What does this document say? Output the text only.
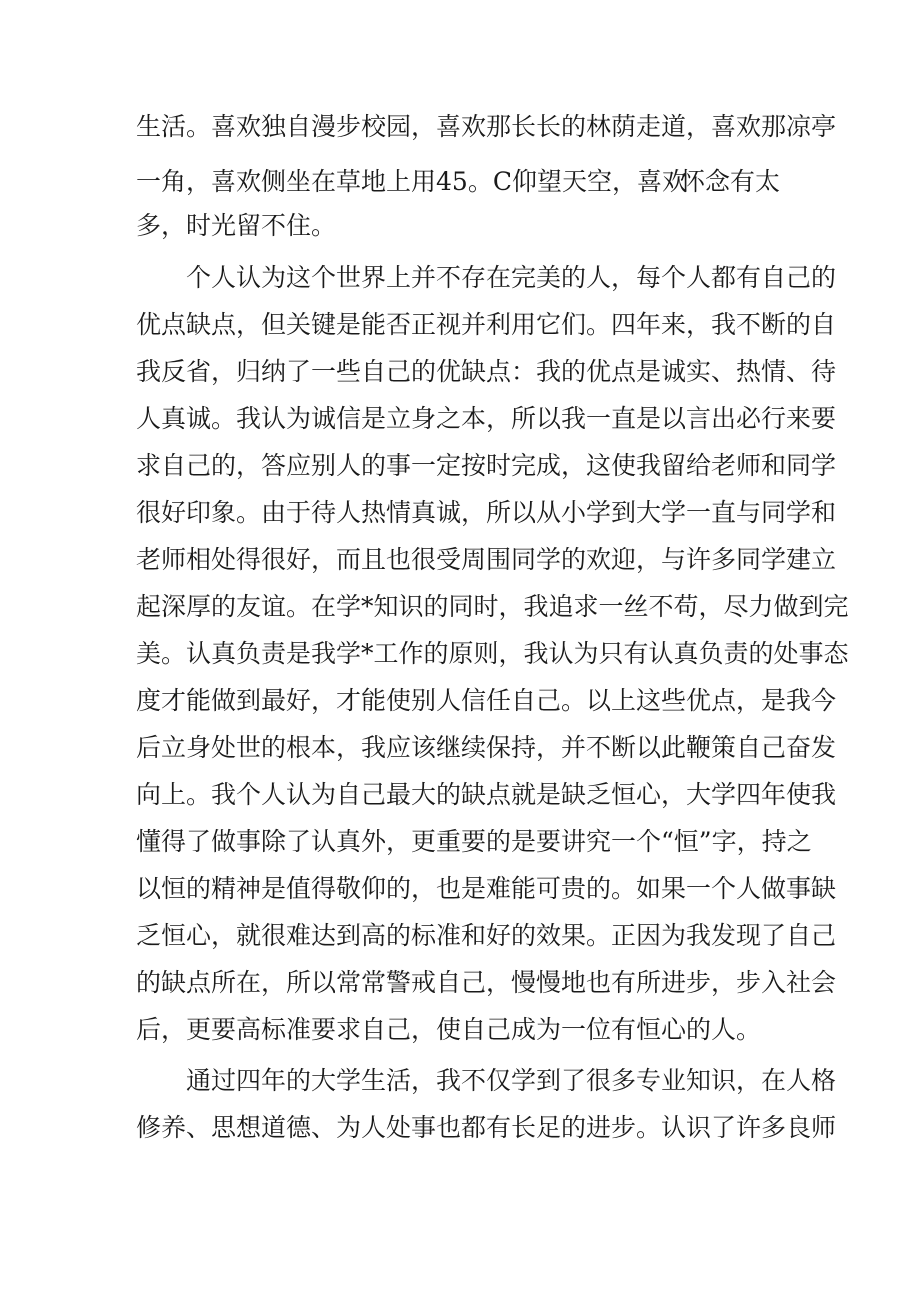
生活。喜欢独自漫步校园，喜欢那长长的林荫走道，喜欢那凉亭
一角，喜欢侧坐在草地上用45。C仰望天空，喜欢
怀念有太
多，时光留不住。
个人认为这个世界上并不存在完美的人，每个人都有自己的
优点缺点，但关键是能否正视并利用它们。四年来，我不断的自
我反省，归纳了一些自己的优缺点：我的优点是诚实、热情、待
人真诚。我认为诚信是立身之本，所以我一直是以言出必行来要
求自己的，答应别人的事一定按时完成，这使我留给老师和同学
很好印象。由于待人热情真诚，所以从小学到大学一直与同学和
老师相处得很好，而且也很受周围同学的欢迎，与许多同学建立
起深厚的友谊。在学*知识的同时，我追求一丝不苟，尽力做到完
美。认真负责是我学*工作的原则，我认为只有认真负责的处事态
度才能做到最好，才能使别人信任自己。以上这些优点，是我今
后立身处世的根本，我应该继续保持，并不断以此鞭策自己奋发
向上。我个人认为自己最大的缺点就是缺乏恒心，大学四年使我
懂得了做事除了认真外，更重要的是要讲究一个“恒”字，持之
以恒的精神是值得敬仰的，也是难能可贵的。如果一个人做事缺
乏恒心，就很难达到高的标准和好的效果。正因为我发现了自己
的缺点所在，所以常常警戒自己，慢慢地也有所进步，步入社会
后，更要高标准要求自己，使自己成为一位有恒心的人。
通过四年的大学生活，我不仅学到了很多专业知识，在人格
修养、思想道德、为人处事也都有长足的进步。认识了许多良师
